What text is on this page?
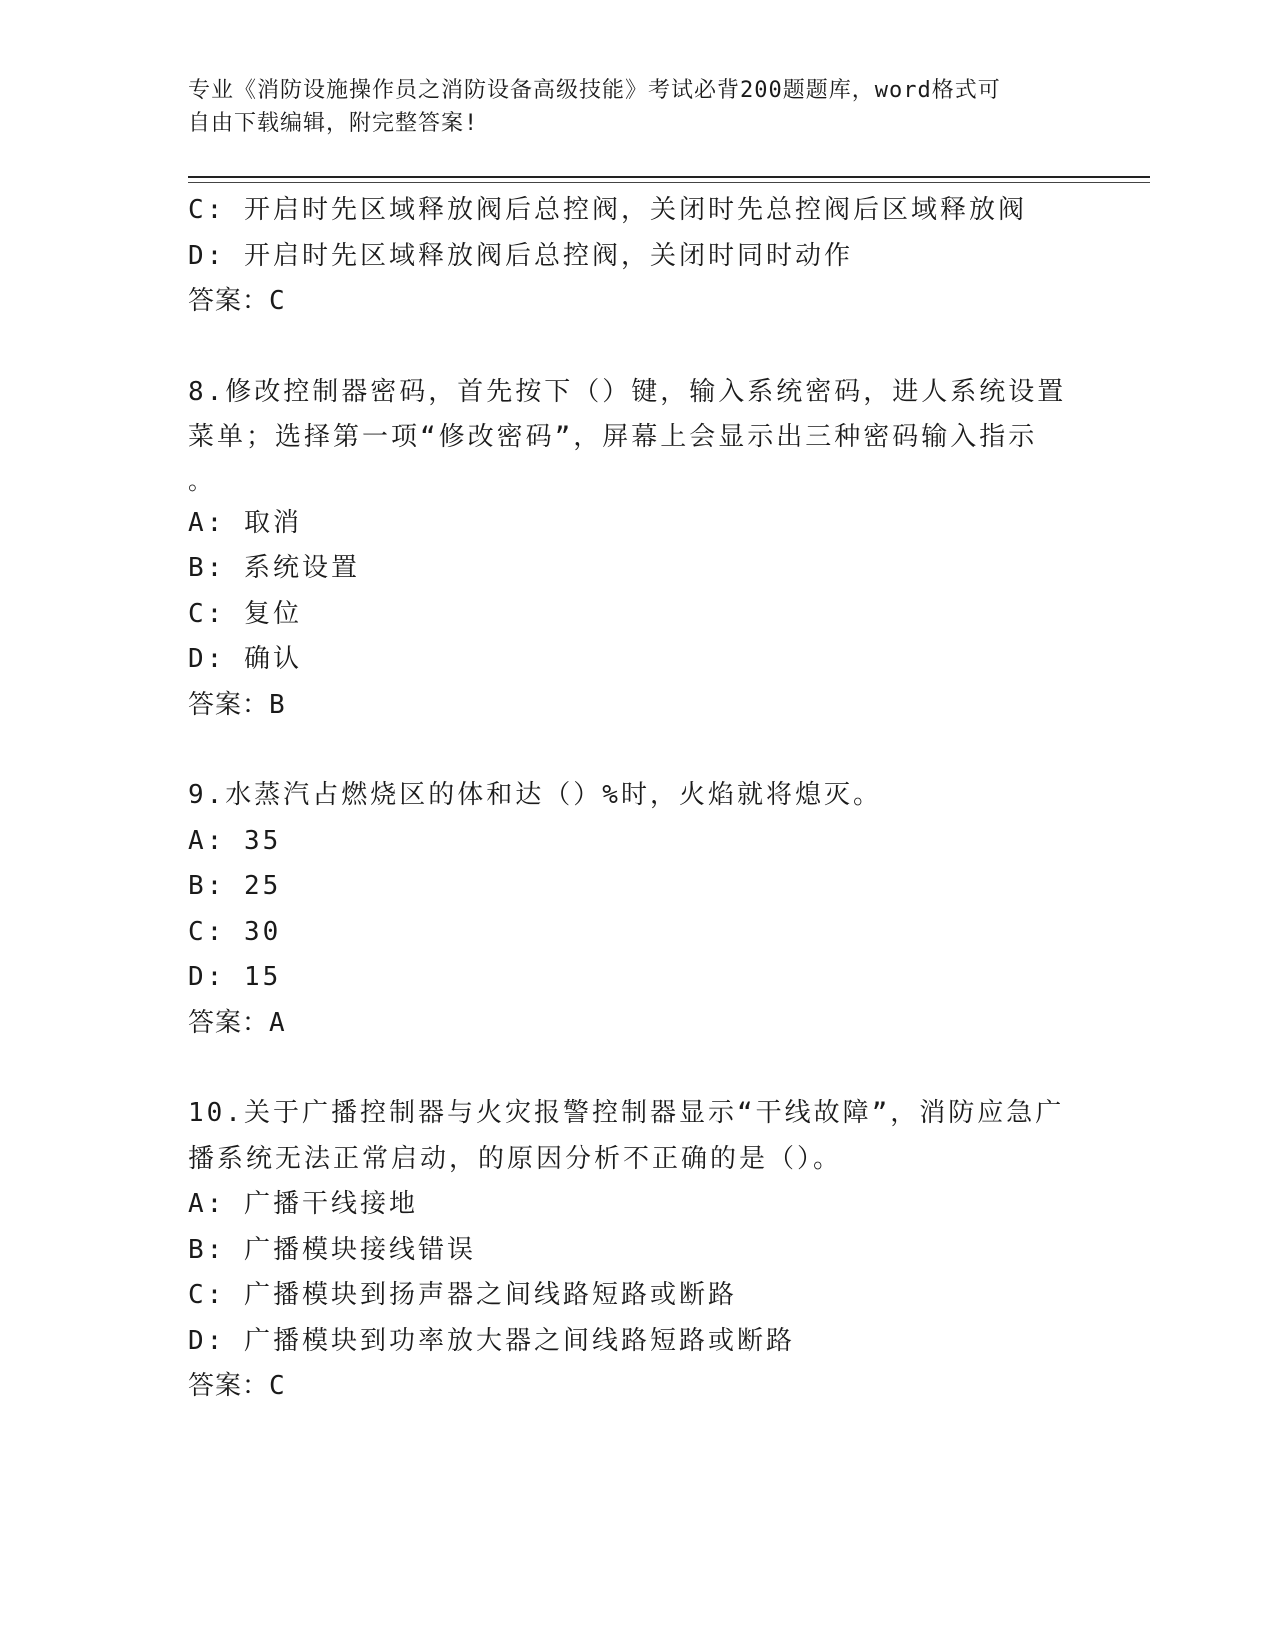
专业《消防设施操作员之消防设备高级技能》考试必背200题题库，word格式可
自由下载编辑，附完整答案!
C: 开启时先区域释放阀后总控阀，关闭时先总控阀后区域释放阀
D: 开启时先区域释放阀后总控阀，关闭时同时动作
答案：C
8.修改控制器密码，首先按下（）键，输入系统密码，进人系统设置
菜单；选择第一项“修改密码”，屏幕上会显示出三种密码输入指示
。
A: 取消
B: 系统设置
C: 复位
D: 确认
答案：B
9.水蒸汽占燃烧区的体和达（）%时，火焰就将熄灭。
A: 35
B: 25
C: 30
D: 15
答案：A
10.关于广播控制器与火灾报警控制器显示“干线故障”，消防应急广
播系统无法正常启动，的原因分析不正确的是（）。
A: 广播干线接地
B: 广播模块接线错误
C: 广播模块到扬声器之间线路短路或断路
D: 广播模块到功率放大器之间线路短路或断路
答案：C
